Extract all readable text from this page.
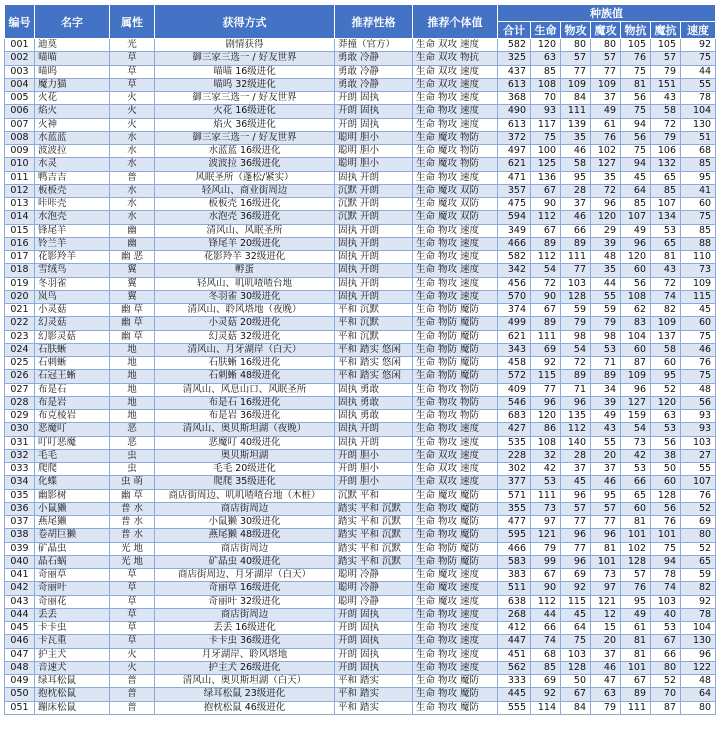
编号	名字	属性	获得方式	推荐性格	推荐个体值	种族值						
						合计	生命	物攻	魔攻	物抗	魔抗	速度
001	迪莫	光	剧情获得	莽撞（官方）	生命 双攻 速度	582	120	80	80	105	105	92
002	喵喵	草	御三家三选一 / 好友世界	勇敢 冷静	生命 双攻 物抗	325	63	57	57	76	57	75
003	喵呜	草	喵喵 16级进化	勇敢 冷静	生命 双攻 速度	437	85	77	77	75	79	44
004	魔力猫	草	喵呜 32级进化	勇敢 冷静	生命 双攻 速度	613	108	109	109	81	151	55
005	火花	火	御三家三选一 / 好友世界	开朗 固执	生命 物攻 速度	368	70	84	37	56	43	78
006	焰火	火	火花 16级进化	开朗 固执	生命 物攻 速度	490	93	111	49	75	58	104
007	火神	火	焰火 36级进化	开朗 固执	生命 物攻 速度	613	117	139	61	94	72	130
008	水蓝蓝	水	御三家三选一 / 好友世界	聪明 胆小	生命 魔攻 物防	372	75	35	76	56	79	51
009	波波拉	水	水蓝蓝 16级进化	聪明 胆小	生命 魔攻 物防	497	100	46	102	75	106	68
010	水灵	水	波波拉 36级进化	聪明 胆小	生命 魔攻 物防	621	125	58	127	94	132	85
011	鸭吉吉	普	风眠圣所（蓬松/紧实）	固执 开朗	生命 物攻 速度	471	136	95	35	45	65	95
012	板板壳	水	轻风山、商业街周边	沉默 开朗	生命 魔攻 双防	357	67	28	72	64	85	41
013	咔咔壳	水	板板壳 16级进化	沉默 开朗	生命 魔攻 双防	475	90	37	96	85	107	60
014	水泡壳	水	水泡壳 36级进化	沉默 开朗	生命 魔攻 双防	594	112	46	120	107	134	75
015	锋尾羊	幽	清风山、风眠圣所	固执 开朗	生命 物攻 速度	349	67	66	29	49	53	85
016	铃兰羊	幽	锋尾羊 20级进化	固执 开朗	生命 物攻 速度	466	89	89	39	96	65	88
017	花影羚羊	幽 恶	花影羚羊 32级进化	固执 开朗	生命 物攻 速度	582	112	111	48	120	81	110
018	雪绒鸟	翼	孵蛋	固执 开朗	生命 物攻 速度	342	54	77	35	60	43	73
019	冬羽雀	翼	轻风山、叽叽喳喳台地	固执 开朗	生命 物攻 速度	456	72	103	44	56	72	109
020	岚鸟	翼	冬羽雀 30级进化	固执 开朗	生命 物攻 速度	570	90	128	55	108	74	115
021	小灵菇	幽 草	清风山、聆风塔地（夜晚）	平和 沉默	生命 物防 魔防	374	67	59	59	62	82	45
022	幻灵菇	幽 草	小灵菇 20级进化	平和 沉默	生命 物防 魔防	499	89	79	79	83	109	60
023	幻影灵菇	幽 草	幻灵菇 32级进化	平和 沉默	生命 物防 魔防	621	111	98	98	104	137	75
024	石肤蜥	地	清风山、月牙湖岸（白天）	平和 踏实 悠闲	生命 物防 魔防	343	69	54	53	60	58	46
025	石刺蜥	地	石肤蜥 16级进化	平和 踏实 悠闲	生命 物防 魔防	458	92	72	71	87	60	76
026	石冠王蜥	地	石刺蜥 48级进化	平和 踏实 悠闲	生命 物防 魔防	572	115	89	89	109	95	75
027	布是石	地	清风山、风息山口、风眠圣所	固执 勇敢	生命 物攻 物防	409	77	71	34	96	52	48
028	布是岩	地	布是石 16级进化	固执 勇敢	生命 物攻 物防	546	96	96	39	127	120	56
029	布克棱岩	地	布是岩 36级进化	固执 勇敢	生命 物攻 物防	683	120	135	49	159	63	93
030	恶魔叮	恶	清风山、奥贝斯坦湖（夜晚）	固执 开朗	生命 物攻 速度	427	86	112	43	54	53	93
031	叮叮恶魔	恶	恶魔叮 40级进化	固执 开朗	生命 物攻 速度	535	108	140	55	73	56	103
032	毛毛	虫	奥贝斯坦湖	开朗 胆小	生命 双攻 速度	228	32	28	20	42	38	27
033	爬爬	虫	毛毛 20级进化	开朗 胆小	生命 双攻 速度	302	42	37	37	53	50	55
034	化蝶	虫 萌	爬爬 35级进化	开朗 胆小	生命 双攻 速度	377	53	45	46	66	60	107
035	幽影树	幽 草	商店街周边、叽叽喳喳台地（木桩）	沉默 平和	生命 魔攻 魔防	571	111	96	95	65	128	76
036	小鼠獭	普 水	商店街周边	踏实 平和 沉默	生命 物攻 魔防	355	73	57	57	60	56	52
037	燕尾獭	普 水	小鼠獭 30级进化	踏实 平和 沉默	生命 物攻 魔防	477	97	77	77	81	76	69
038	卷胡巨獭	普 水	燕尾獭 48级进化	踏实 平和 沉默	生命 物攻 魔防	595	121	96	96	101	101	80
039	矿晶虫	光 地	商店街周边	踏实 平和 沉默	生命 物防 魔防	466	79	77	81	102	75	52
040	晶石蜗	光 地	矿晶虫 40级进化	踏实 平和 沉默	生命 物防 魔防	583	99	96	101	128	94	65
041	奇丽草	草	商店街周边、月牙湖岸（白天）	聪明 冷静	生命 魔攻 速度	383	67	69	73	57	78	59
042	奇丽叶	草	奇丽草 16级进化	聪明 冷静	生命 魔攻 速度	511	90	92	97	76	74	82
043	奇丽花	草	奇丽叶 32级进化	聪明 冷静	生命 魔攻 速度	638	112	115	121	95	103	92
044	丢丢	草	商店街周边	开朗 固执	生命 物攻 速度	268	44	45	12	49	40	78
045	卡卡虫	草	丢丢 16级进化	开朗 固执	生命 物攻 速度	412	66	64	15	61	53	104
046	卡瓦重	草	卡卡虫 36级进化	开朗 固执	生命 物攻 速度	447	74	75	20	81	67	130
047	护主犬	火	月牙湖岸、聆风塔地	开朗 固执	生命 物攻 速度	451	68	103	37	81	66	96
048	音速犬	火	护主犬 26级进化	开朗 固执	生命 物攻 速度	562	85	128	46	101	80	122
049	绿耳松鼠	普	清风山、奥贝斯坦湖（白天）	平和 踏实	生命 物攻 魔防	333	69	50	47	67	52	48
050	抱枕松鼠	普	绿耳松鼠 23级进化	平和 踏实	生命 物攻 魔防	445	92	67	63	89	70	64
051	蹦床松鼠	普	抱枕松鼠 46级进化	平和 踏实	生命 物攻 魔防	555	114	84	79	111	87	80
